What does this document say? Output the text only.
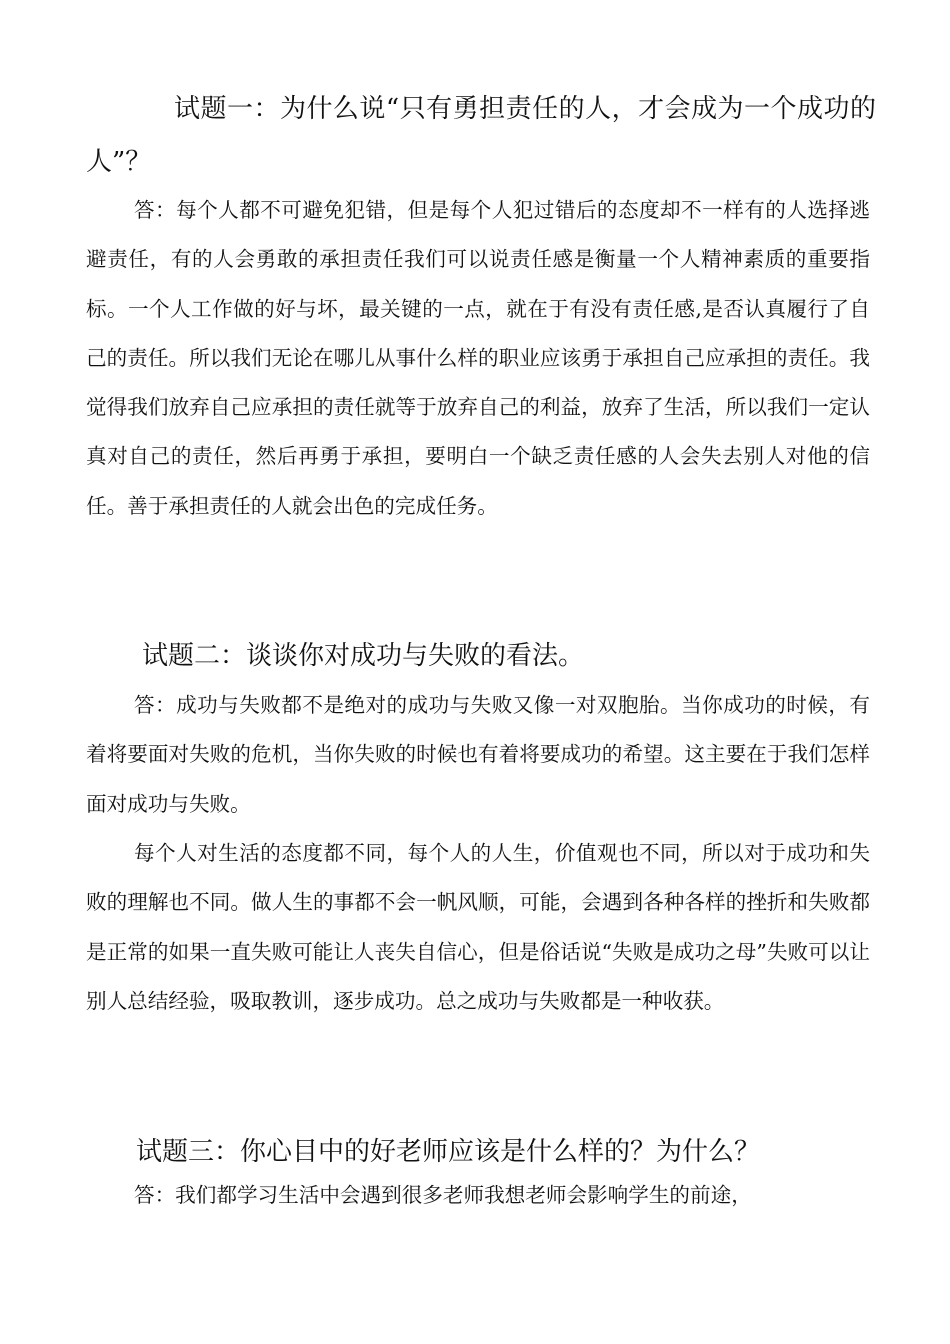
试题一：为什么说“只有勇担责任的人，才会成为一个成功的人”？

答：每个人都不可避免犯错，但是每个人犯过错后的态度却不一样有的人选择逃避责任，有的人会勇敢的承担责任我们可以说责任感是衡量一个人精神素质的重要指标。一个人工作做的好与坏，最关键的一点，就在于有没有责任感,是否认真履行了自己的责任。所以我们无论在哪儿从事什么样的职业应该勇于承担自己应承担的责任。我觉得我们放弃自己应承担的责任就等于放弃自己的利益，放弃了生活，所以我们一定认真对自己的责任，然后再勇于承担，要明白一个缺乏责任感的人会失去别人对他的信任。善于承担责任的人就会出色的完成任务。

试题二：谈谈你对成功与失败的看法。

答：成功与失败都不是绝对的成功与失败又像一对双胞胎。当你成功的时候，有着将要面对失败的危机，当你失败的时候也有着将要成功的希望。这主要在于我们怎样面对成功与失败。

每个人对生活的态度都不同，每个人的人生，价值观也不同，所以对于成功和失败的理解也不同。做人生的事都不会一帆风顺，可能，会遇到各种各样的挫折和失败都是正常的如果一直失败可能让人丧失自信心，但是俗话说“失败是成功之母”失败可以让别人总结经验，吸取教训，逐步成功。总之成功与失败都是一种收获。

试题三：你心目中的好老师应该是什么样的？为什么？

答：我们都学习生活中会遇到很多老师我想老师会影响学生的前途，
